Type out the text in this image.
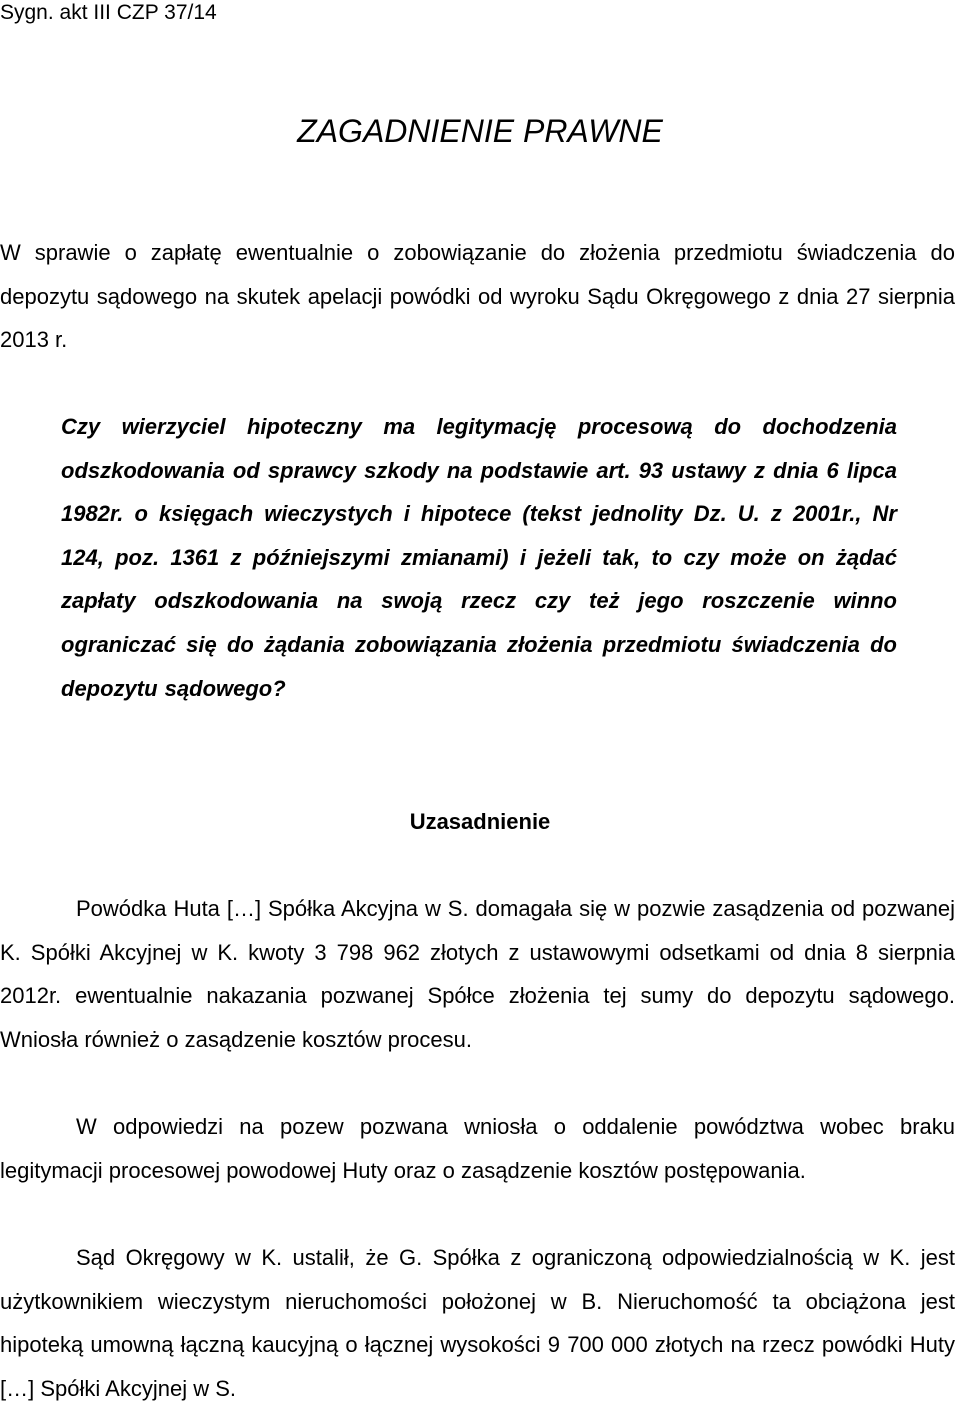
Sygn. akt III CZP 37/14
ZAGADNIENIE PRAWNE
W sprawie o zapłatę ewentualnie o zobowiązanie do złożenia przedmiotu świadczenia do depozytu sądowego na skutek apelacji powódki od wyroku Sądu Okręgowego z dnia 27 sierpnia 2013 r.
Czy wierzyciel hipoteczny ma legitymację procesową do dochodzenia odszkodowania od sprawcy szkody na podstawie art. 93 ustawy z dnia 6 lipca 1982r. o księgach wieczystych i hipotece (tekst jednolity Dz. U. z 2001r., Nr 124, poz. 1361 z późniejszymi zmianami) i jeżeli tak, to czy może on żądać zapłaty odszkodowania na swoją rzecz czy też jego roszczenie winno ograniczać się do żądania zobowiązania złożenia przedmiotu świadczenia do depozytu sądowego?
Uzasadnienie
Powódka Huta […] Spółka Akcyjna w S. domagała się w pozwie zasądzenia od pozwanej K. Spółki Akcyjnej w K. kwoty 3 798 962 złotych z ustawowymi odsetkami od dnia 8 sierpnia 2012r. ewentualnie nakazania pozwanej Spółce złożenia tej sumy do depozytu sądowego. Wniosła również o zasądzenie kosztów procesu.
W odpowiedzi na pozew pozwana wniosła o oddalenie powództwa wobec braku legitymacji procesowej powodowej Huty oraz o zasądzenie kosztów postępowania.
Sąd Okręgowy w K. ustalił, że G. Spółka z ograniczoną odpowiedzialnością w K. jest użytkownikiem wieczystym nieruchomości położonej w B. Nieruchomość ta obciążona jest hipoteką umowną łączną kaucyjną o łącznej wysokości 9 700 000 złotych na rzecz powódki Huty […] Spółki Akcyjnej w S.
